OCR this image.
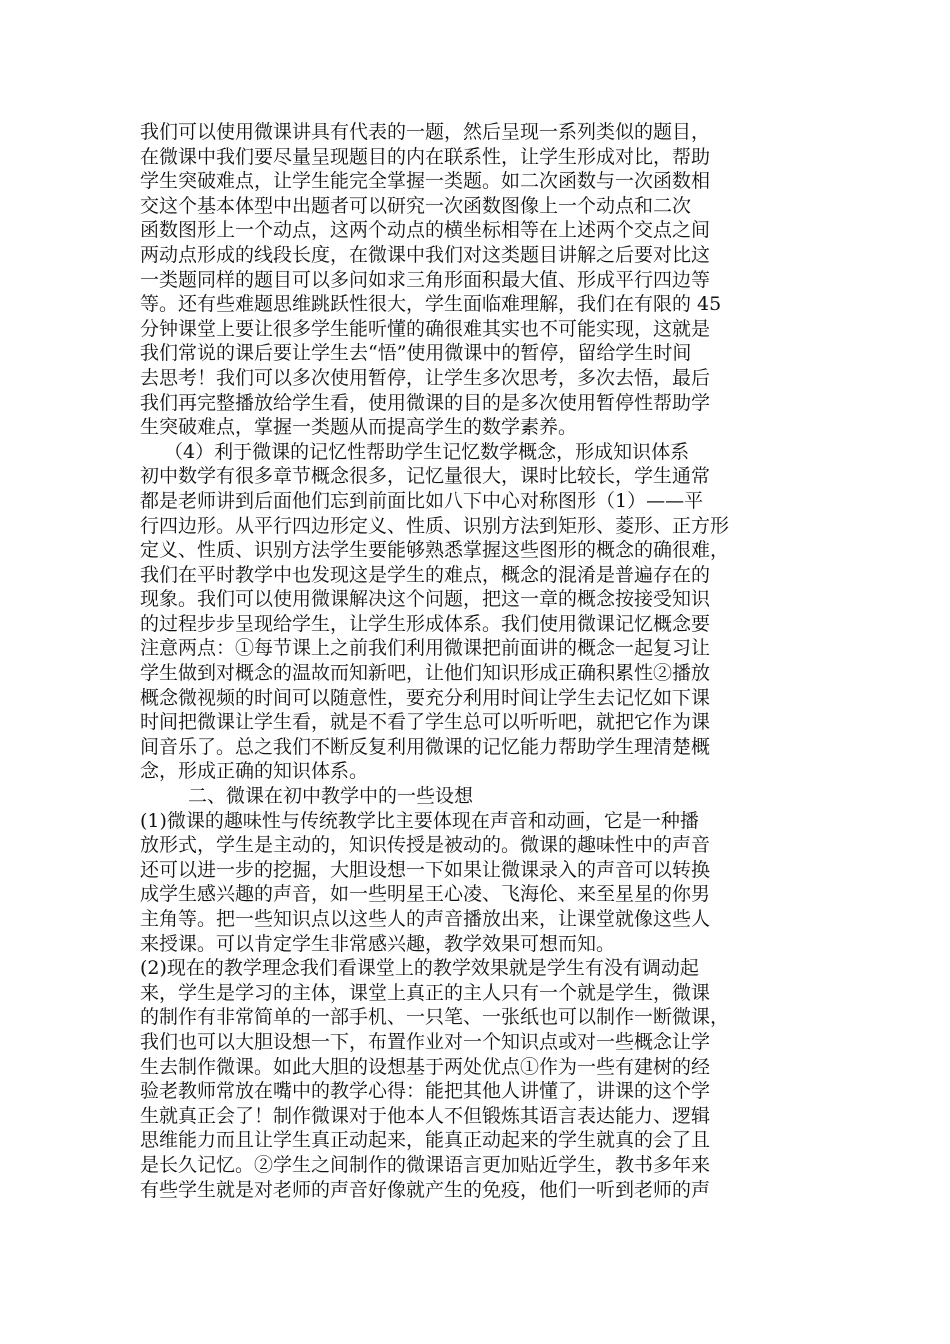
我们可以使用微课讲具有代表的一题，然后呈现一系列类似的题目，
在微课中我们要尽量呈现题目的内在联系性，让学生形成对比，帮助
学生突破难点，让学生能完全掌握一类题。如二次函数与一次函数相
交这个基本体型中出题者可以研究一次函数图像上一个动点和二次
函数图形上一个动点，这两个动点的横坐标相等在上述两个交点之间
两动点形成的线段长度，在微课中我们对这类题目讲解之后要对比这
一类题同样的题目可以多问如求三角形面积最大值、形成平行四边等
等。还有些难题思维跳跃性很大，学生面临难理解，我们在有限的 45
分钟课堂上要让很多学生能听懂的确很难其实也不可能实现，这就是
我们常说的课后要让学生去“悟”使用微课中的暂停，留给学生时间
去思考！我们可以多次使用暂停，让学生多次思考，多次去悟，最后
我们再完整播放给学生看，使用微课的目的是多次使用暂停性帮助学
生突破难点，掌握一类题从而提高学生的数学素养。
（4）利于微课的记忆性帮助学生记忆数学概念，形成知识体系
初中数学有很多章节概念很多，记忆量很大，课时比较长，学生通常
都是老师讲到后面他们忘到前面比如八下中心对称图形（1）——平
行四边形。从平行四边形定义、性质、识别方法到矩形、菱形、正方形
定义、性质、识别方法学生要能够熟悉掌握这些图形的概念的确很难，
我们在平时教学中也发现这是学生的难点，概念的混淆是普遍存在的
现象。我们可以使用微课解决这个问题，把这一章的概念按接受知识
的过程步步呈现给学生，让学生形成体系。我们使用微课记忆概念要
注意两点：①每节课上之前我们利用微课把前面讲的概念一起复习让
学生做到对概念的温故而知新吧，让他们知识形成正确积累性②播放
概念微视频的时间可以随意性，要充分利用时间让学生去记忆如下课
时间把微课让学生看，就是不看了学生总可以听听吧，就把它作为课
间音乐了。总之我们不断反复利用微课的记忆能力帮助学生理清楚概
念，形成正确的知识体系。
二、微课在初中教学中的一些设想
(1)微课的趣味性与传统教学比主要体现在声音和动画，它是一种播
放形式，学生是主动的，知识传授是被动的。微课的趣味性中的声音
还可以进一步的挖掘，大胆设想一下如果让微课录入的声音可以转换
成学生感兴趣的声音，如一些明星王心凌、飞海伦、来至星星的你男
主角等。把一些知识点以这些人的声音播放出来，让课堂就像这些人
来授课。可以肯定学生非常感兴趣，教学效果可想而知。
(2)现在的教学理念我们看课堂上的教学效果就是学生有没有调动起
来，学生是学习的主体，课堂上真正的主人只有一个就是学生，微课
的制作有非常简单的一部手机、一只笔、一张纸也可以制作一断微课，
我们也可以大胆设想一下，布置作业对一个知识点或对一些概念让学
生去制作微课。如此大胆的设想基于两处优点①作为一些有建树的经
验老教师常放在嘴中的教学心得：能把其他人讲懂了，讲课的这个学
生就真正会了！制作微课对于他本人不但锻炼其语言表达能力、逻辑
思维能力而且让学生真正动起来，能真正动起来的学生就真的会了且
是长久记忆。②学生之间制作的微课语言更加贴近学生，教书多年来
有些学生就是对老师的声音好像就产生的免疫，他们一听到老师的声
